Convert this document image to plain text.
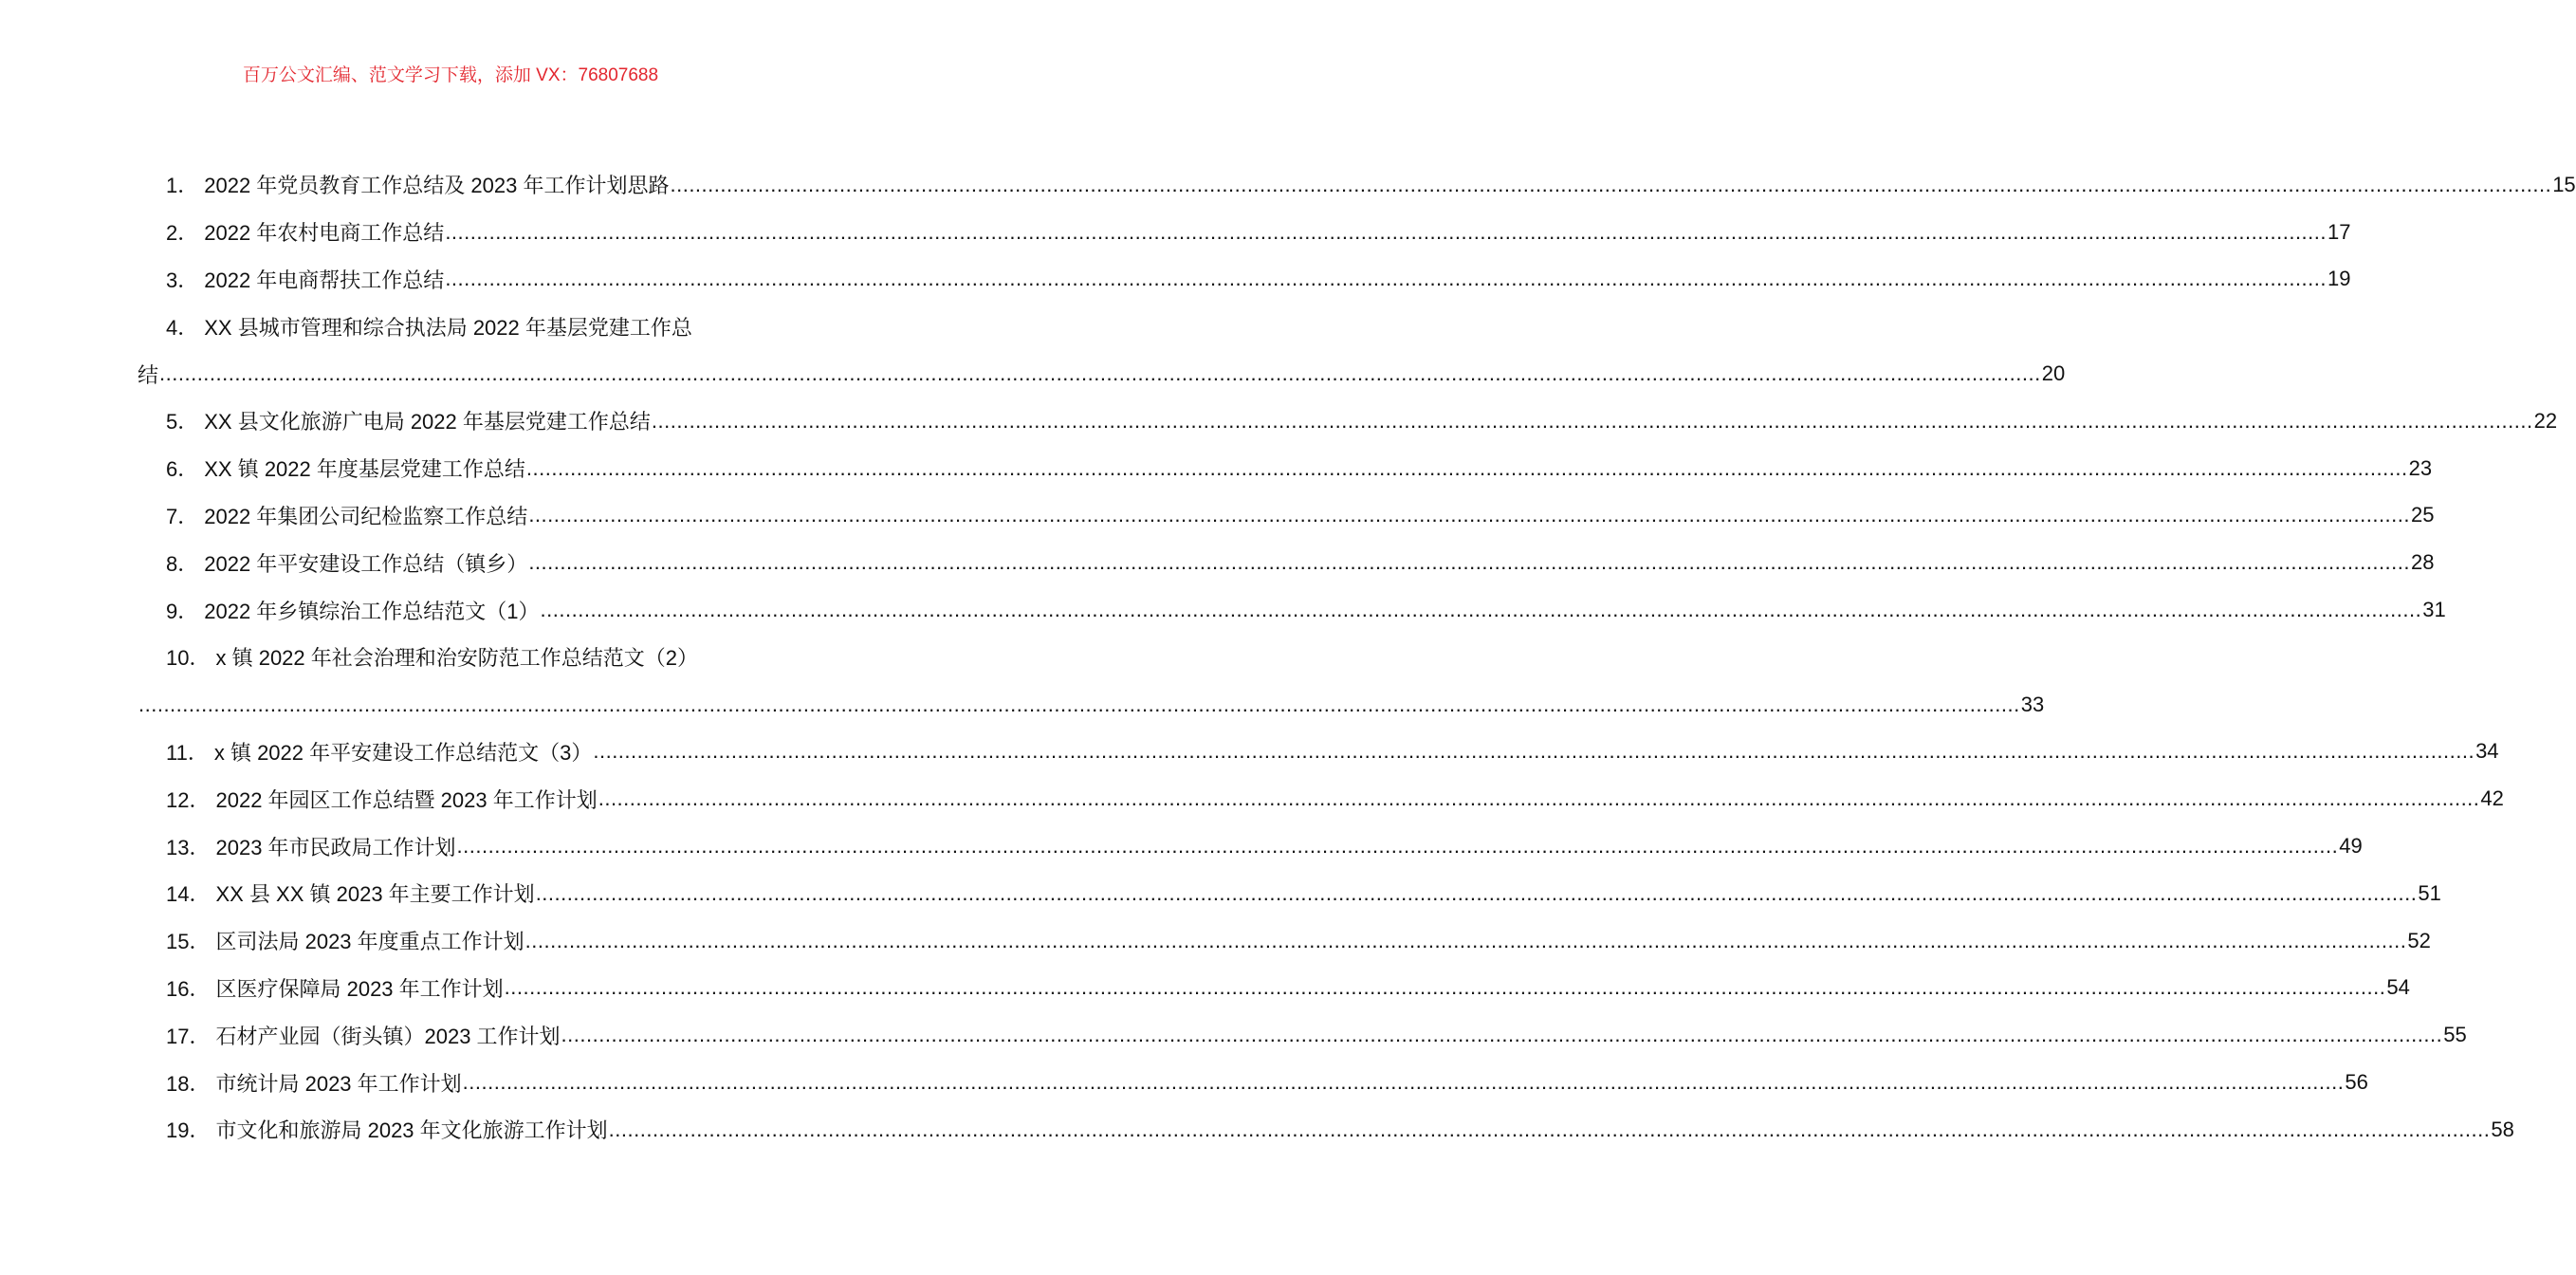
百万公文汇编、范文学习下载，添加 VX：76807688
1． 2022 年党员教育工作总结及 2023 年工作计划思路 ............................................................................................................................................................................................................................................................................................................ 15
2． 2022 年农村电商工作总结 ............................................................................................................................................................................................................................................................................................................ 17
3． 2022 年电商帮扶工作总结 ............................................................................................................................................................................................................................................................................................................ 19
4． XX 县城市管理和综合执法局 2022 年基层党建工作总
结 ............................................................................................................................................................................................................................................................................................................ 20
5． XX 县文化旅游广电局 2022 年基层党建工作总结 ............................................................................................................................................................................................................................................................................................................ 22
6． XX 镇 2022 年度基层党建工作总结 ............................................................................................................................................................................................................................................................................................................ 23
7． 2022 年集团公司纪检监察工作总结 ............................................................................................................................................................................................................................................................................................................ 25
8． 2022 年平安建设工作总结（镇乡） ............................................................................................................................................................................................................................................................................................................ 28
9． 2022 年乡镇综治工作总结范文（1） ............................................................................................................................................................................................................................................................................................................ 31
10． x 镇 2022 年社会治理和治安防范工作总结范文（2）
............................................................................................................................................................................................................................................................................................................ 33
11． x 镇 2022 年平安建设工作总结范文（3） ............................................................................................................................................................................................................................................................................................................ 34
12． 2022 年园区工作总结暨 2023 年工作计划 ............................................................................................................................................................................................................................................................................................................ 42
13． 2023 年市民政局工作计划 ............................................................................................................................................................................................................................................................................................................ 49
14． XX 县 XX 镇 2023 年主要工作计划 ............................................................................................................................................................................................................................................................................................................ 51
15． 区司法局 2023 年度重点工作计划 ............................................................................................................................................................................................................................................................................................................ 52
16． 区医疗保障局 2023 年工作计划 ............................................................................................................................................................................................................................................................................................................ 54
17． 石材产业园（街头镇）2023 工作计划 ............................................................................................................................................................................................................................................................................................................ 55
18． 市统计局 2023 年工作计划 ............................................................................................................................................................................................................................................................................................................ 56
19． 市文化和旅游局 2023 年文化旅游工作计划 ............................................................................................................................................................................................................................................................................................................ 58
